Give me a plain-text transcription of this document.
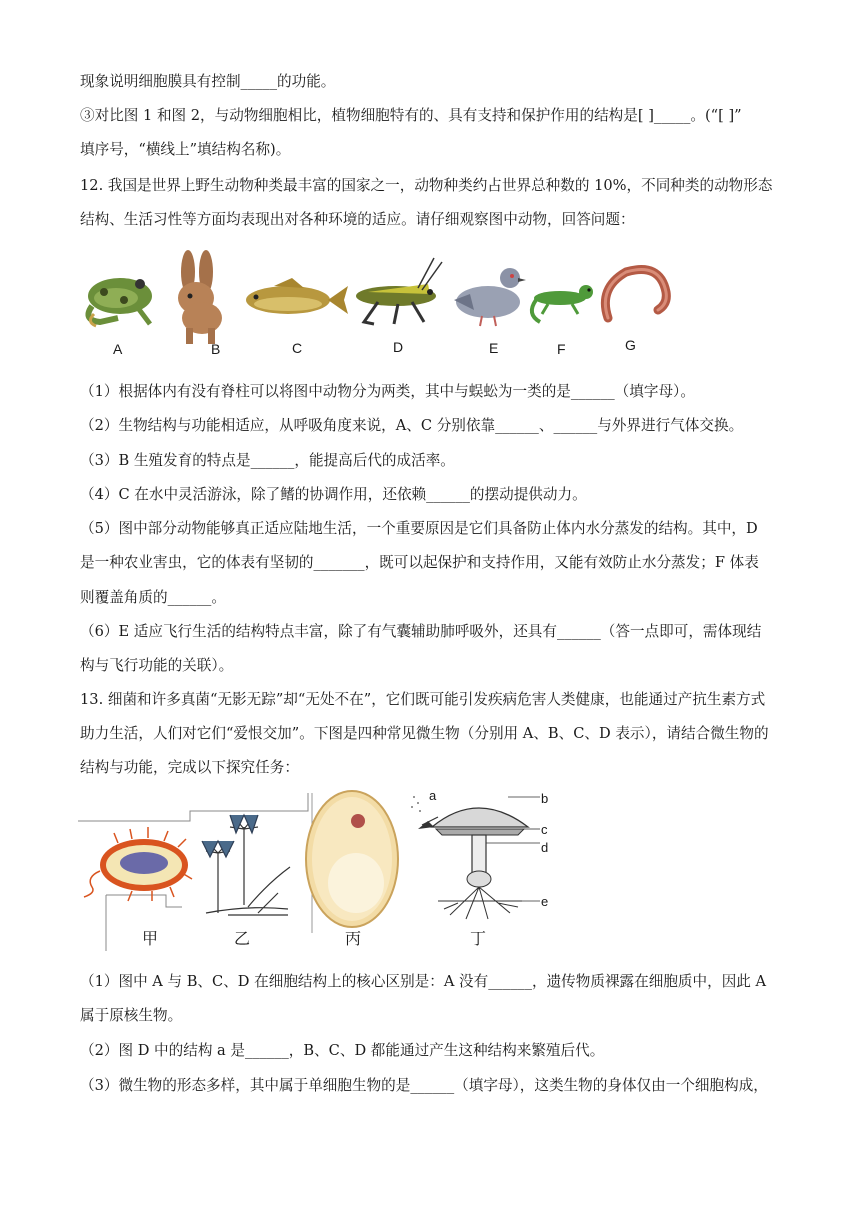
现象说明细胞膜具有控制_____的功能。
③对比图 1 和图 2，与动物细胞相比，植物细胞特有的、具有支持和保护作用的结构是[ ]_____。(“[ ]”
填序号，“横线上”填结构名称)。
12. 我国是世界上野生动物种类最丰富的国家之一，动物种类约占世界总种数的 10%，不同种类的动物形态
结构、生活习性等方面均表现出对各种环境的适应。请仔细观察图中动物，回答问题：
A	B	C	D	E	F	G
（1）根据体内有没有脊柱可以将图中动物分为两类，其中与蜈蚣为一类的是______（填字母）。
（2）生物结构与功能相适应，从呼吸角度来说，A、C 分别依靠______、______与外界进行气体交换。
（3）B 生殖发育的特点是______，能提高后代的成活率。
（4）C 在水中灵活游泳，除了鳍的协调作用，还依赖______的摆动提供动力。
（5）图中部分动物能够真正适应陆地生活，一个重要原因是它们具备防止体内水分蒸发的结构。其中，D
是一种农业害虫，它的体表有坚韧的_______，既可以起保护和支持作用，又能有效防止水分蒸发；F 体表
则覆盖角质的______。
（6）E 适应飞行生活的结构特点丰富，除了有气囊辅助肺呼吸外，还具有______（答一点即可，需体现结
构与飞行功能的关联）。
13. 细菌和许多真菌“无影无踪”却“无处不在”，它们既可能引发疾病危害人类健康，也能通过产抗生素方式
助力生活，人们对它们“爱恨交加”。下图是四种常见微生物（分别用 A、B、C、D 表示），请结合微生物的
结构与功能，完成以下探究任务：
a	b
c
d
e
甲	乙	丙	丁
（1）图中 A 与 B、C、D 在细胞结构上的核心区别是：A 没有______，遗传物质裸露在细胞质中，因此 A
属于原核生物。
（2）图 D 中的结构 a 是______，B、C、D 都能通过产生这种结构来繁殖后代。
（3）微生物的形态多样，其中属于单细胞生物的是______（填字母），这类生物的身体仅由一个细胞构成，
